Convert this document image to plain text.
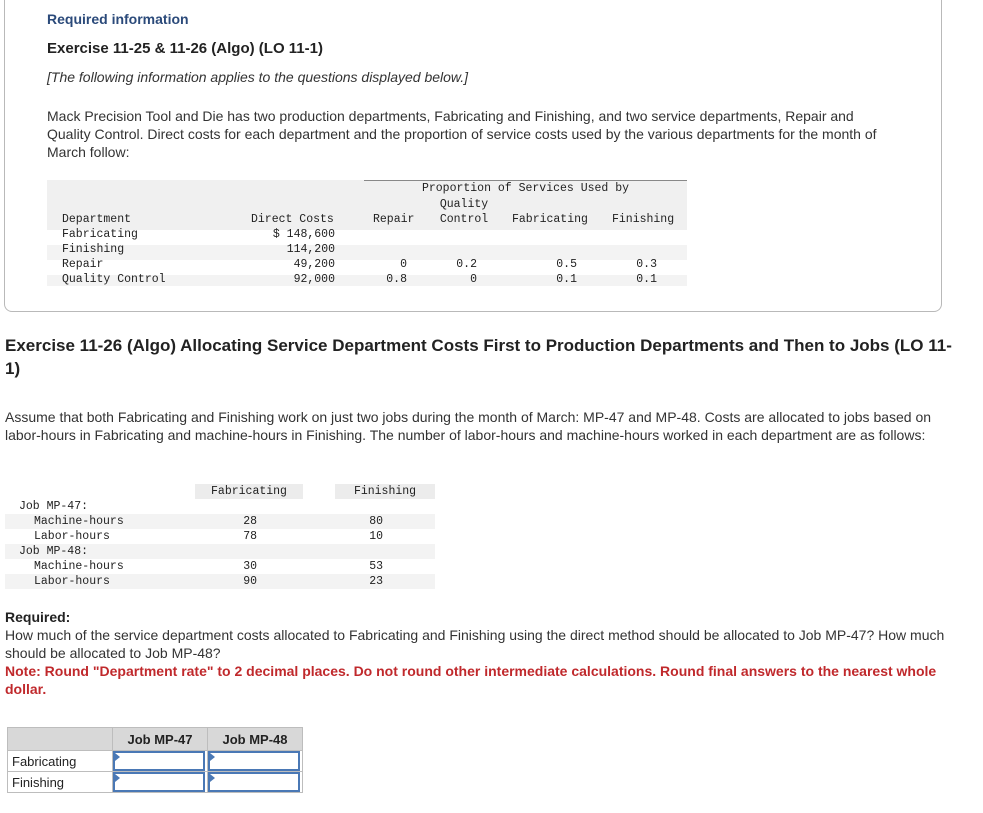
Required information
Exercise 11-25 & 11-26 (Algo) (LO 11-1)
[The following information applies to the questions displayed below.]
Mack Precision Tool and Die has two production departments, Fabricating and Finishing, and two service departments, Repair and Quality Control. Direct costs for each department and the proportion of service costs used by the various departments for the month of March follow:
Proportion of Services Used by
Quality
Department	Direct Costs	Repair	Control	Fabricating Finishing
Fabricating	$ 148,600
Finishing	114,200
Repair	49,200	0	0.2	0.5	0.3
Quality Control	92,000	0.8	0	0.1	0.1
Exercise 11-26 (Algo) Allocating Service Department Costs First to Production Departments and Then to Jobs (LO 11-1)
Assume that both Fabricating and Finishing work on just two jobs during the month of March: MP-47 and MP-48. Costs are allocated to jobs based on labor-hours in Fabricating and machine-hours in Finishing. The number of labor-hours and machine-hours worked in each department are as follows:
Fabricating	Finishing
Job MP-47:
Machine-hours	28	80
Labor-hours	78	10
Job MP-48:
Machine-hours	30	53
Labor-hours	90	23
Required:
How much of the service department costs allocated to Fabricating and Finishing using the direct method should be allocated to Job MP-47? How much should be allocated to Job MP-48?
Note: Round "Department rate" to 2 decimal places. Do not round other intermediate calculations. Round final answers to the nearest whole dollar.
	Job MP-47	Job MP-48
Fabricating	

Finishing	
